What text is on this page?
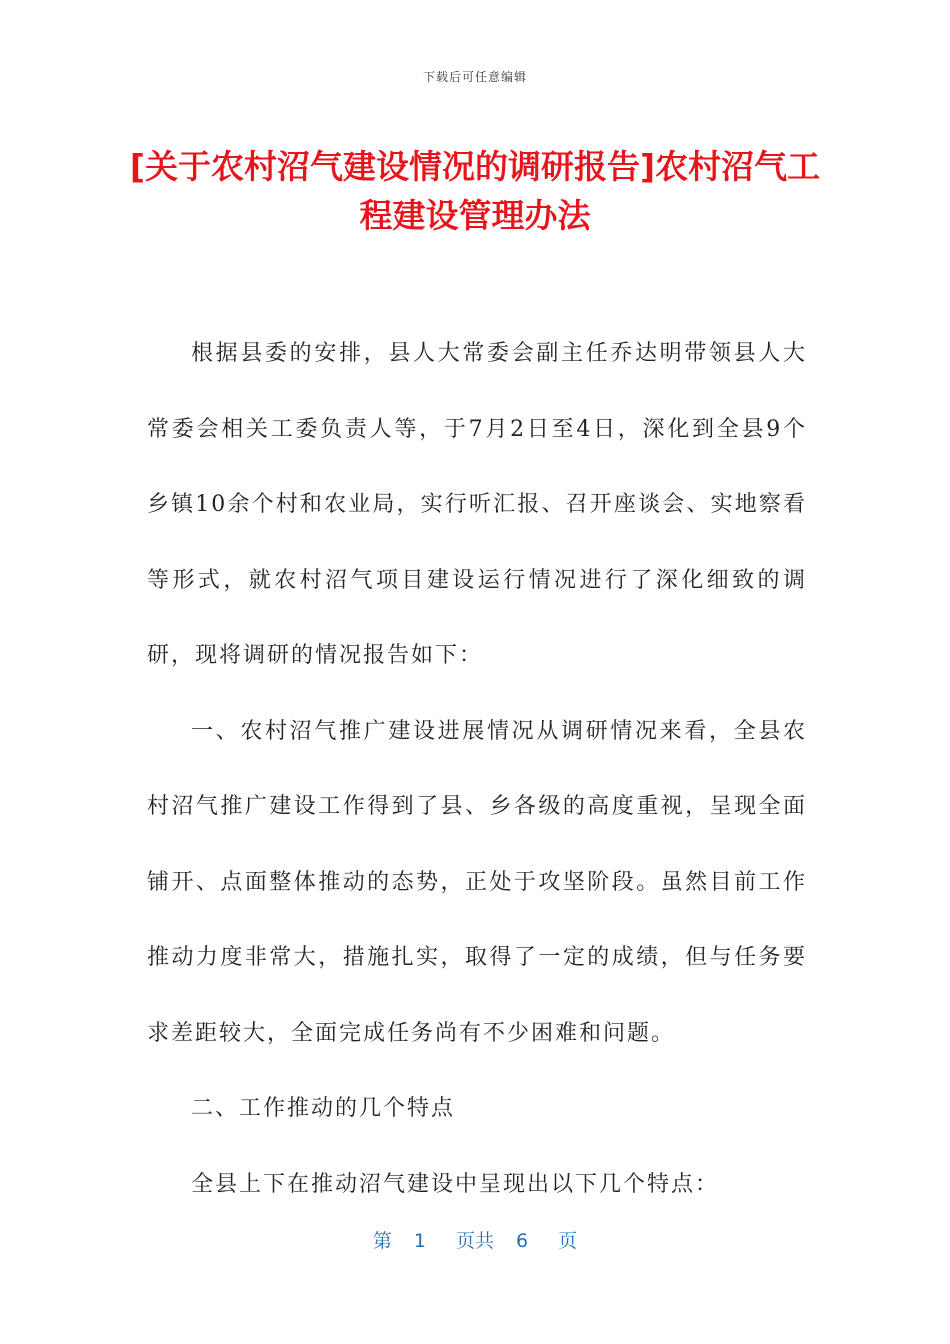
下载后可任意编辑
[关于农村沼气建设情况的调研报告]农村沼气工程建设管理办法

根据县委的安排，县人大常委会副主任乔达明带领县人大常委会相关工委负责人等，于7月2日至4日，深化到全县9个乡镇10余个村和农业局，实行听汇报、召开座谈会、实地察看等形式，就农村沼气项目建设运行情况进行了深化细致的调研，现将调研的情况报告如下：

一、农村沼气推广建设进展情况从调研情况来看，全县农村沼气推广建设工作得到了县、乡各级的高度重视，呈现全面铺开、点面整体推动的态势，正处于攻坚阶段。虽然目前工作推动力度非常大，措施扎实，取得了一定的成绩，但与任务要求差距较大，全面完成任务尚有不少困难和问题。

二、工作推动的几个特点

全县上下在推动沼气建设中呈现出以下几个特点：

第 1 页共 6 页
